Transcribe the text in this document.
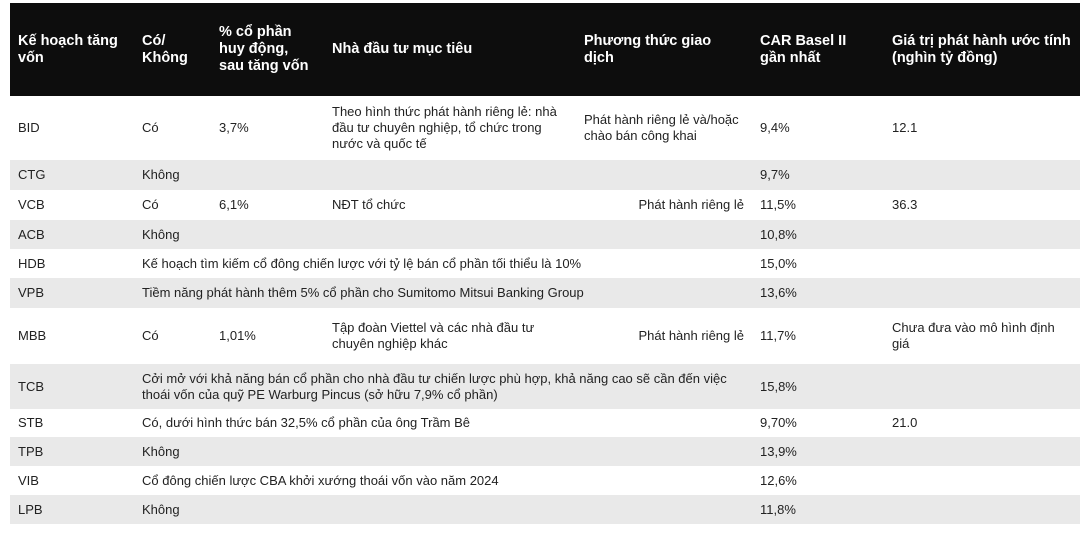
Kế hoạch tăng vốn	Có/ Không	% cổ phần huy động, sau tăng vốn	Nhà đầu tư mục tiêu	Phương thức giao dịch	CAR Basel II gần nhất	Giá trị phát hành ước tính (nghìn tỷ đồng)
BID	Có	3,7%	Theo hình thức phát hành riêng lẻ: nhà đầu tư chuyên nghiệp, tổ chức trong nước và quốc tế	Phát hành riêng lẻ và/hoặc chào bán công khai	9,4%	12.1
CTG	Không				9,7%	
VCB	Có	6,1%	NĐT tổ chức	Phát hành riêng lẻ	11,5%	36.3
ACB	Không				10,8%	
HDB	Kế hoạch tìm kiếm cổ đông chiến lược với tỷ lệ bán cổ phần tối thiểu là 10%				15,0%	
VPB	Tiềm năng phát hành thêm 5% cổ phần cho Sumitomo Mitsui Banking Group				13,6%	
MBB	Có	1,01%	Tập đoàn Viettel và các nhà đầu tư chuyên nghiệp khác	Phát hành riêng lẻ	11,7%	Chưa đưa vào mô hình định giá
TCB	Cởi mở với khả năng bán cổ phần cho nhà đầu tư chiến lược phù hợp, khả năng cao sẽ cần đến việc thoái vốn của quỹ PE Warburg Pincus (sở hữu 7,9% cổ phần)				15,8%	
STB	Có, dưới hình thức bán 32,5% cổ phần của ông Trầm Bê				9,70%	21.0
TPB	Không				13,9%	
VIB	Cổ đông chiến lược CBA khởi xướng thoái vốn vào năm 2024				12,6%	
LPB	Không				11,8%	
